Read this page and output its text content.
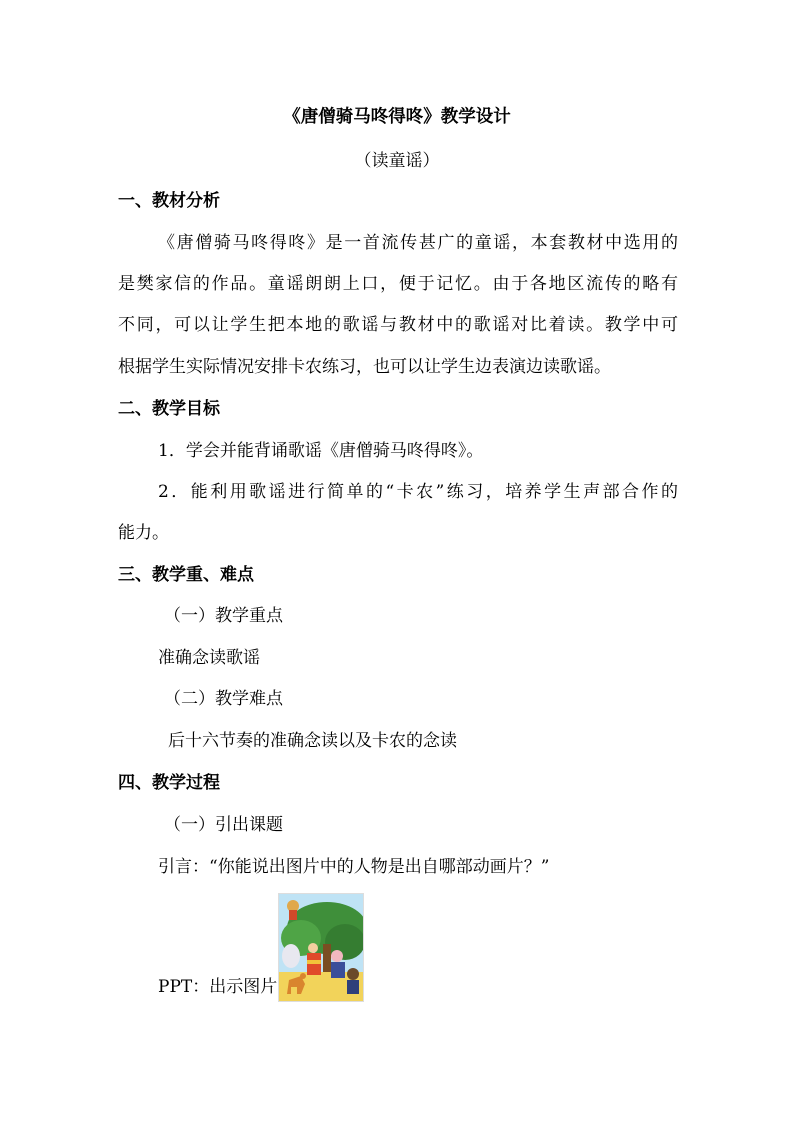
《唐僧骑马咚得咚》教学设计
（读童谣）
一、教材分析
《唐僧骑马咚得咚》是一首流传甚广的童谣，本套教材中选用的
是樊家信的作品。童谣朗朗上口，便于记忆。由于各地区流传的略有
不同，可以让学生把本地的歌谣与教材中的歌谣对比着读。教学中可
根据学生实际情况安排卡农练习，也可以让学生边表演边读歌谣。
二、教学目标
1．学会并能背诵歌谣《唐僧骑马咚得咚》。
2．能利用歌谣进行简单的“卡农”练习，培养学生声部合作的
能力。
三、教学重、难点
（一）教学重点
准确念读歌谣
（二）教学难点
后十六节奏的准确念读以及卡农的念读
四、教学过程
（一）引出课题
引言：“你能说出图片中的人物是出自哪部动画片？”
PPT：出示图片
